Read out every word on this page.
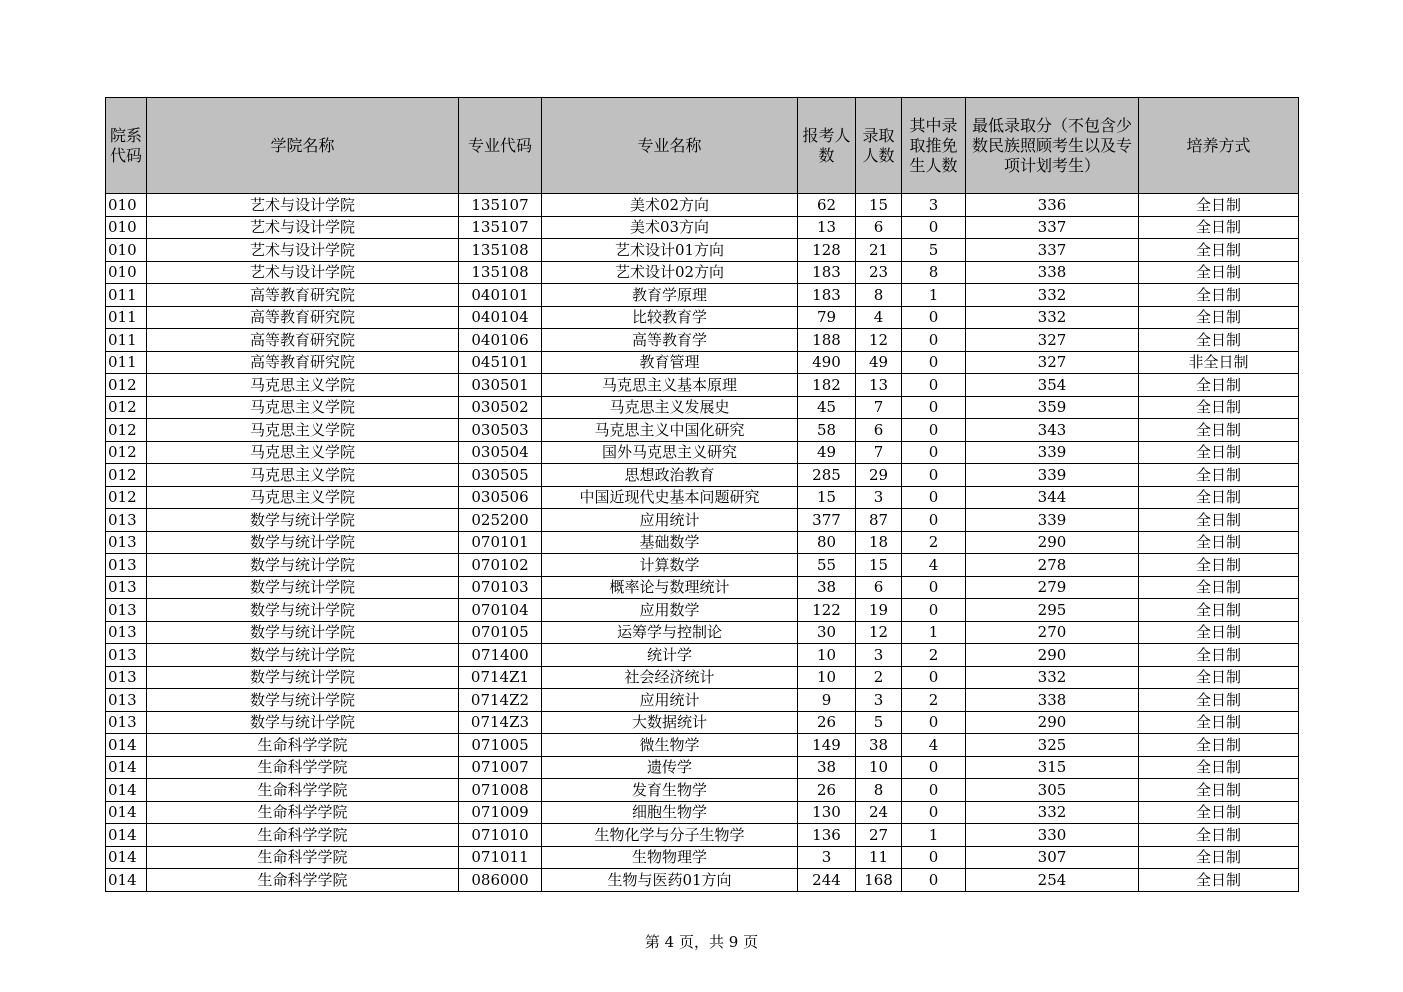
院系代码	学院名称	专业代码	专业名称	报考人数	录取人数	其中录取推免生人数	最低录取分（不包含少数民族照顾考生以及专项计划考生）	培养方式
010	艺术与设计学院	135107	美术02方向	62	15	3	336	全日制
010	艺术与设计学院	135107	美术03方向	13	6	0	337	全日制
010	艺术与设计学院	135108	艺术设计01方向	128	21	5	337	全日制
010	艺术与设计学院	135108	艺术设计02方向	183	23	8	338	全日制
011	高等教育研究院	040101	教育学原理	183	8	1	332	全日制
011	高等教育研究院	040104	比较教育学	79	4	0	332	全日制
011	高等教育研究院	040106	高等教育学	188	12	0	327	全日制
011	高等教育研究院	045101	教育管理	490	49	0	327	非全日制
012	马克思主义学院	030501	马克思主义基本原理	182	13	0	354	全日制
012	马克思主义学院	030502	马克思主义发展史	45	7	0	359	全日制
012	马克思主义学院	030503	马克思主义中国化研究	58	6	0	343	全日制
012	马克思主义学院	030504	国外马克思主义研究	49	7	0	339	全日制
012	马克思主义学院	030505	思想政治教育	285	29	0	339	全日制
012	马克思主义学院	030506	中国近现代史基本问题研究	15	3	0	344	全日制
013	数学与统计学院	025200	应用统计	377	87	0	339	全日制
013	数学与统计学院	070101	基础数学	80	18	2	290	全日制
013	数学与统计学院	070102	计算数学	55	15	4	278	全日制
013	数学与统计学院	070103	概率论与数理统计	38	6	0	279	全日制
013	数学与统计学院	070104	应用数学	122	19	0	295	全日制
013	数学与统计学院	070105	运筹学与控制论	30	12	1	270	全日制
013	数学与统计学院	071400	统计学	10	3	2	290	全日制
013	数学与统计学院	0714Z1	社会经济统计	10	2	0	332	全日制
013	数学与统计学院	0714Z2	应用统计	9	3	2	338	全日制
013	数学与统计学院	0714Z3	大数据统计	26	5	0	290	全日制
014	生命科学学院	071005	微生物学	149	38	4	325	全日制
014	生命科学学院	071007	遗传学	38	10	0	315	全日制
014	生命科学学院	071008	发育生物学	26	8	0	305	全日制
014	生命科学学院	071009	细胞生物学	130	24	0	332	全日制
014	生命科学学院	071010	生物化学与分子生物学	136	27	1	330	全日制
014	生命科学学院	071011	生物物理学	3	11	0	307	全日制
014	生命科学学院	086000	生物与医药01方向	244	168	0	254	全日制
第 4 页，共 9 页
